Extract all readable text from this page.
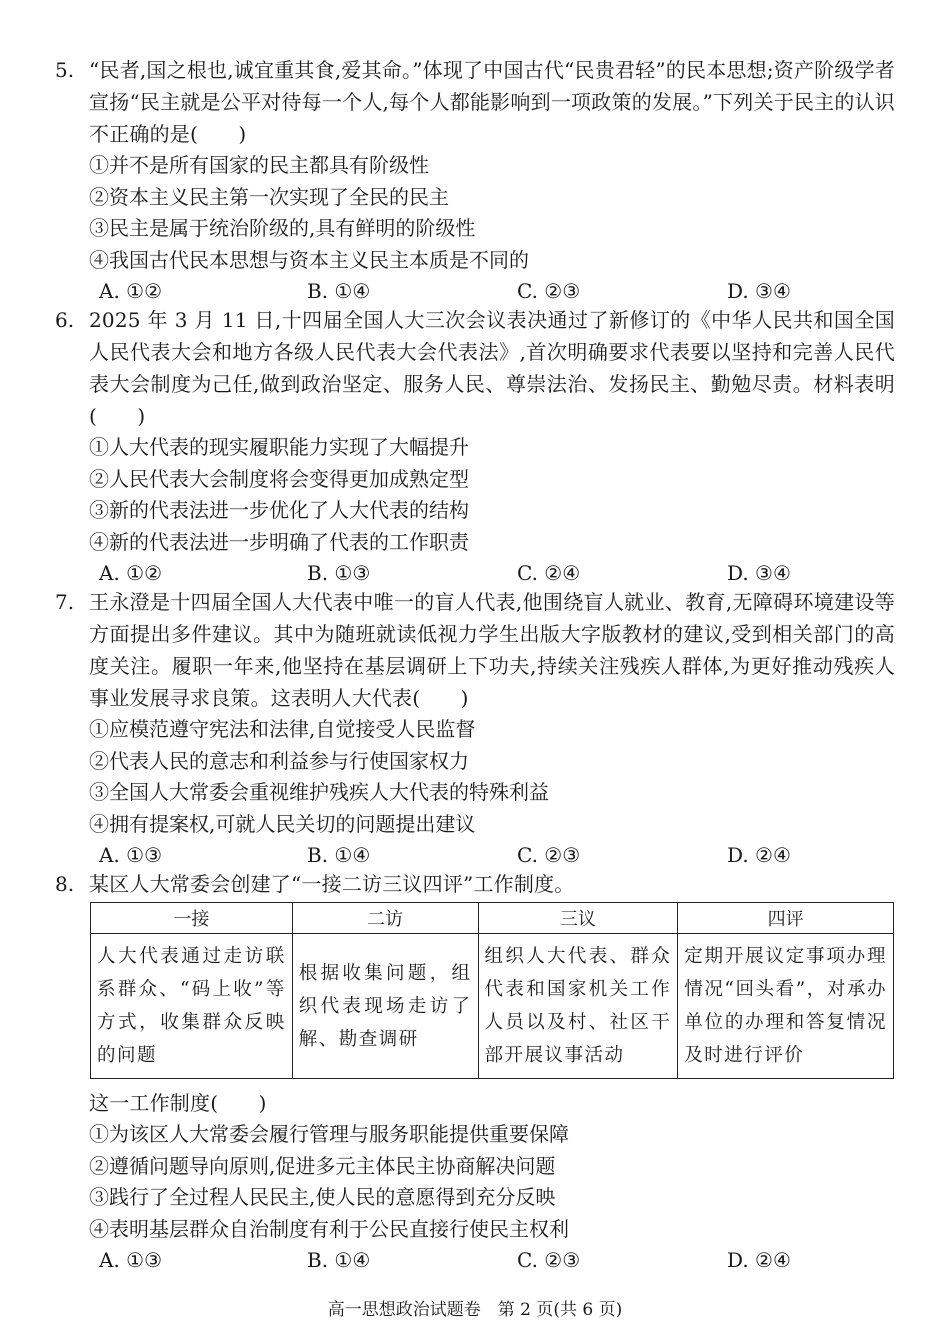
5. “民者,国之根也,诚宜重其食,爱其命。”体现了中国古代“民贵君轻”的民本思想;资产阶级学者宣扬“民主就是公平对待每一个人,每个人都能影响到一项政策的发展。”下列关于民主的认识不正确的是(　　)
①并不是所有国家的民主都具有阶级性
②资本主义民主第一次实现了全民的民主
③民主是属于统治阶级的,具有鲜明的阶级性
④我国古代民本思想与资本主义民主本质是不同的
A. ①②	B. ①④	C. ②③	D. ③④
6. 2025 年 3 月 11 日,十四届全国人大三次会议表决通过了新修订的《中华人民共和国全国人民代表大会和地方各级人民代表大会代表法》,首次明确要求代表要以坚持和完善人民代表大会制度为己任,做到政治坚定、服务人民、尊崇法治、发扬民主、勤勉尽责。材料表明(　　)
①人大代表的现实履职能力实现了大幅提升
②人民代表大会制度将会变得更加成熟定型
③新的代表法进一步优化了人大代表的结构
④新的代表法进一步明确了代表的工作职责
A. ①②	B. ①③	C. ②④	D. ③④
7. 王永澄是十四届全国人大代表中唯一的盲人代表,他围绕盲人就业、教育,无障碍环境建设等方面提出多件建议。其中为随班就读低视力学生出版大字版教材的建议,受到相关部门的高度关注。履职一年来,他坚持在基层调研上下功夫,持续关注残疾人群体,为更好推动残疾人事业发展寻求良策。这表明人大代表(　　)
①应模范遵守宪法和法律,自觉接受人民监督
②代表人民的意志和利益参与行使国家权力
③全国人大常委会重视维护残疾人大代表的特殊利益
④拥有提案权,可就人民关切的问题提出建议
A. ①③	B. ①④	C. ②③	D. ②④
8. 某区人大常委会创建了“一接二访三议四评”工作制度。
一接	二访	三议	四评
人大代表通过走访联系群众、“码上收”等方式，收集群众反映的问题	根据收集问题，组织代表现场走访了解、勘查调研	组织人大代表、群众代表和国家机关工作人员以及村、社区干部开展议事活动	定期开展议定事项办理情况“回头看”，对承办单位的办理和答复情况及时进行评价
这一工作制度(　　)
①为该区人大常委会履行管理与服务职能提供重要保障
②遵循问题导向原则,促进多元主体民主协商解决问题
③践行了全过程人民民主,使人民的意愿得到充分反映
④表明基层群众自治制度有利于公民直接行使民主权利
A. ①③	B. ①④	C. ②③	D. ②④
高一思想政治试题卷　第 2 页(共 6 页)
